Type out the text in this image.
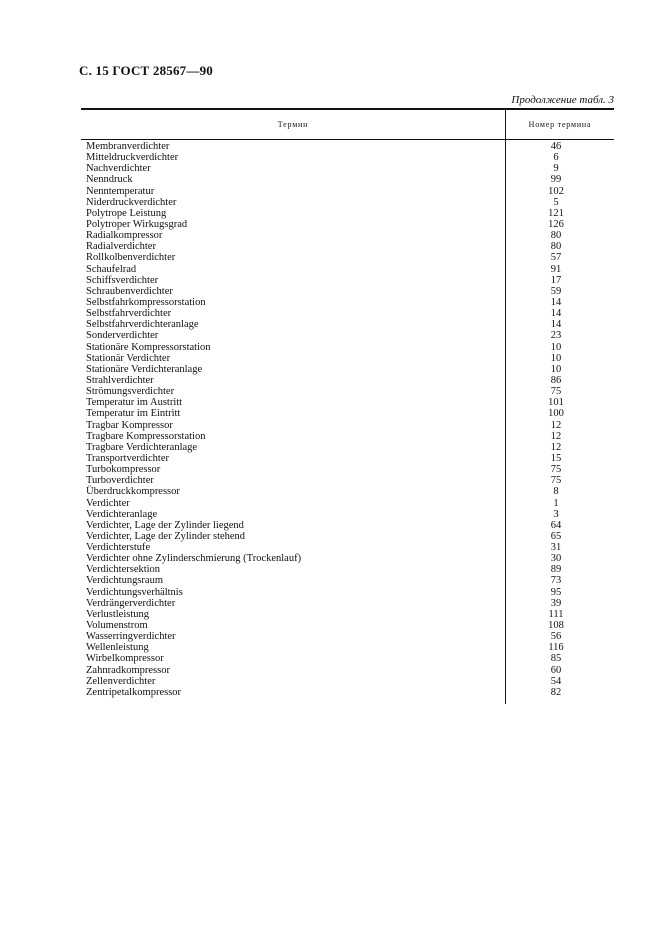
С. 15 ГОСТ 28567—90
Продолжение табл. 3
Термин	Номер термина
Membranverdichter
Mitteldruckverdichter
Nachverdichter
Nenndruck
Nenntemperatur
Niderdruckverdichter
Polytrope Leistung
Polytroper Wirkugsgrad
Radialkompressor
Radialverdichter
Rollkolbenverdichter
Schaufelrad
Schiffsverdichter
Schraubenverdichter
Selbstfahrkompressorstation
Selbstfahrverdichter
Selbstfahrverdichteranlage
Sonderverdichter
Stationäre Kompressorstation
Stationär Verdichter
Stationäre Verdichteranlage
Strahlverdichter
Strömungsverdichter
Temperatur im Austritt
Temperatur im Eintritt
Tragbar Kompressor
Tragbare Kompressorstation
Tragbare Verdichteranlage
Transportverdichter
Turbokompressor
Turboverdichter
Überdruckkompressor
Verdichter
Verdichteranlage
Verdichter, Lage der Zylinder liegend
Verdichter, Lage der Zylinder stehend
Verdichterstufe
Verdichter ohne Zylinderschmierung (Trockenlauf)
Verdichtersektion
Verdichtungsraum
Verdichtungsverhältnis
Verdrängerverdichter
Verlustleistung
Volumenstrom
Wasserringverdichter
Wellenleistung
Wirbelkompressor
Zahnradkompressor
Zellenverdichter
Zentripetalkompressor
46
6
9
99
102
5
121
126
80
80
57
91
17
59
14
14
14
23
10
10
10
86
75
101
100
12
12
12
15
75
75
8
1
3
64
65
31
30
89
73
95
39
111
108
56
116
85
60
54
82
